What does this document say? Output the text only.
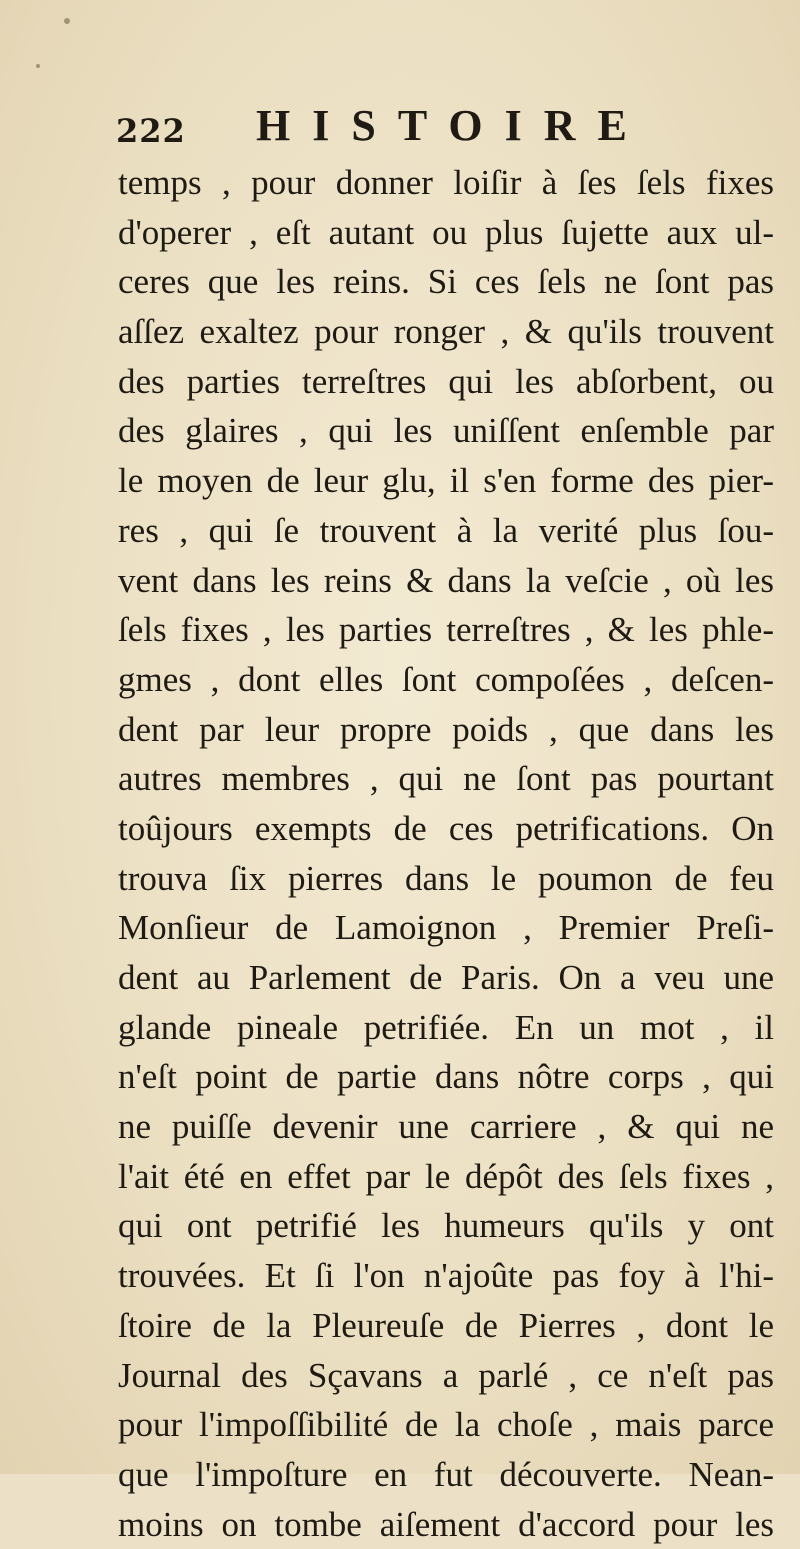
222 HISTOIRE
temps , pour donner loiſir à ſes ſels fixes
d'operer , eſt autant ou plus ſujette aux ul-
ceres que les reins. Si ces ſels ne ſont pas
aſſez exaltez pour ronger , & qu'ils trouvent
des parties terreſtres qui les abſorbent, ou
des glaires , qui les uniſſent enſemble par
le moyen de leur glu, il s'en forme des pier-
res , qui ſe trouvent à la verité plus ſou-
vent dans les reins & dans la veſcie , où les
ſels fixes , les parties terreſtres , & les phle-
gmes , dont elles ſont compoſées , deſcen-
dent par leur propre poids , que dans les
autres membres , qui ne ſont pas pourtant
toûjours exempts de ces petrifications. On
trouva ſix pierres dans le poumon de feu
Monſieur de Lamoignon , Premier Preſi-
dent au Parlement de Paris. On a veu une
glande pineale petrifiée. En un mot , il
n'eſt point de partie dans nôtre corps , qui
ne puiſſe devenir une carriere , & qui ne
l'ait été en effet par le dépôt des ſels fixes ,
qui ont petrifié les humeurs qu'ils y ont
trouvées. Et ſi l'on n'ajoûte pas foy à l'hi-
ſtoire de la Pleureuſe de Pierres , dont le
Journal des Sçavans a parlé , ce n'eſt pas
pour l'impoſſibilité de la choſe , mais parce
que l'impoſture en fut découverte. Nean-
moins on tombe aiſement d'accord pour les
